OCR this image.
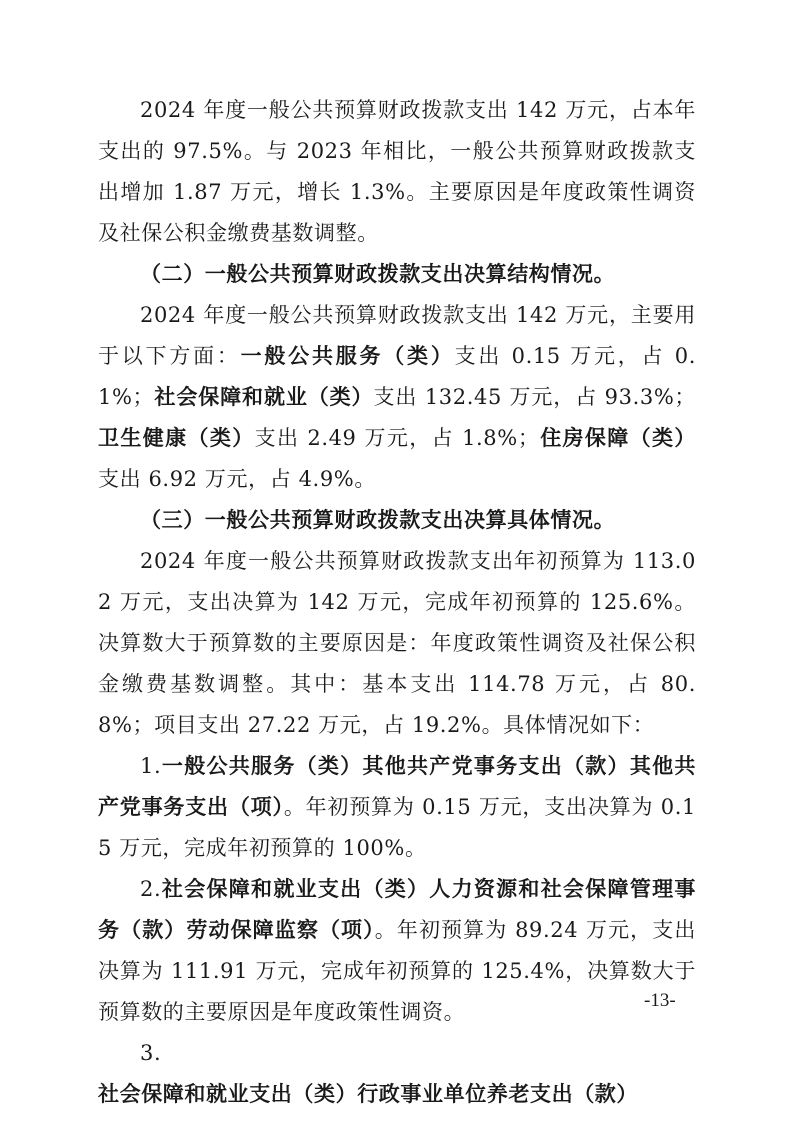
2024 年度一般公共预算财政拨款支出 142 万元，占本年支出的 97.5%。与 2023 年相比，一般公共预算财政拨款支出增加 1.87 万元，增长 1.3%。主要原因是年度政策性调资及社保公积金缴费基数调整。

（二）一般公共预算财政拨款支出决算结构情况。

2024 年度一般公共预算财政拨款支出 142 万元，主要用于以下方面：一般公共服务（类）支出 0.15 万元，占 0.1%；社会保障和就业（类）支出 132.45 万元，占 93.3%；卫生健康（类）支出 2.49 万元，占 1.8%；住房保障（类）支出 6.92 万元，占 4.9%。

（三）一般公共预算财政拨款支出决算具体情况。

2024 年度一般公共预算财政拨款支出年初预算为 113.02 万元，支出决算为 142 万元，完成年初预算的 125.6%。决算数大于预算数的主要原因是：年度政策性调资及社保公积金缴费基数调整。其中：基本支出 114.78 万元，占 80.8%；项目支出 27.22 万元，占 19.2%。具体情况如下：

1.一般公共服务（类）其他共产党事务支出（款）其他共产党事务支出（项）。年初预算为 0.15 万元，支出决算为 0.15 万元，完成年初预算的 100%。

2.社会保障和就业支出（类）人力资源和社会保障管理事务（款）劳动保障监察（项）。年初预算为 89.24 万元，支出决算为 111.91 万元，完成年初预算的 125.4%，决算数大于预算数的主要原因是年度政策性调资。

3.社会保障和就业支出（类）行政事业单位养老支出（款）

-13-
